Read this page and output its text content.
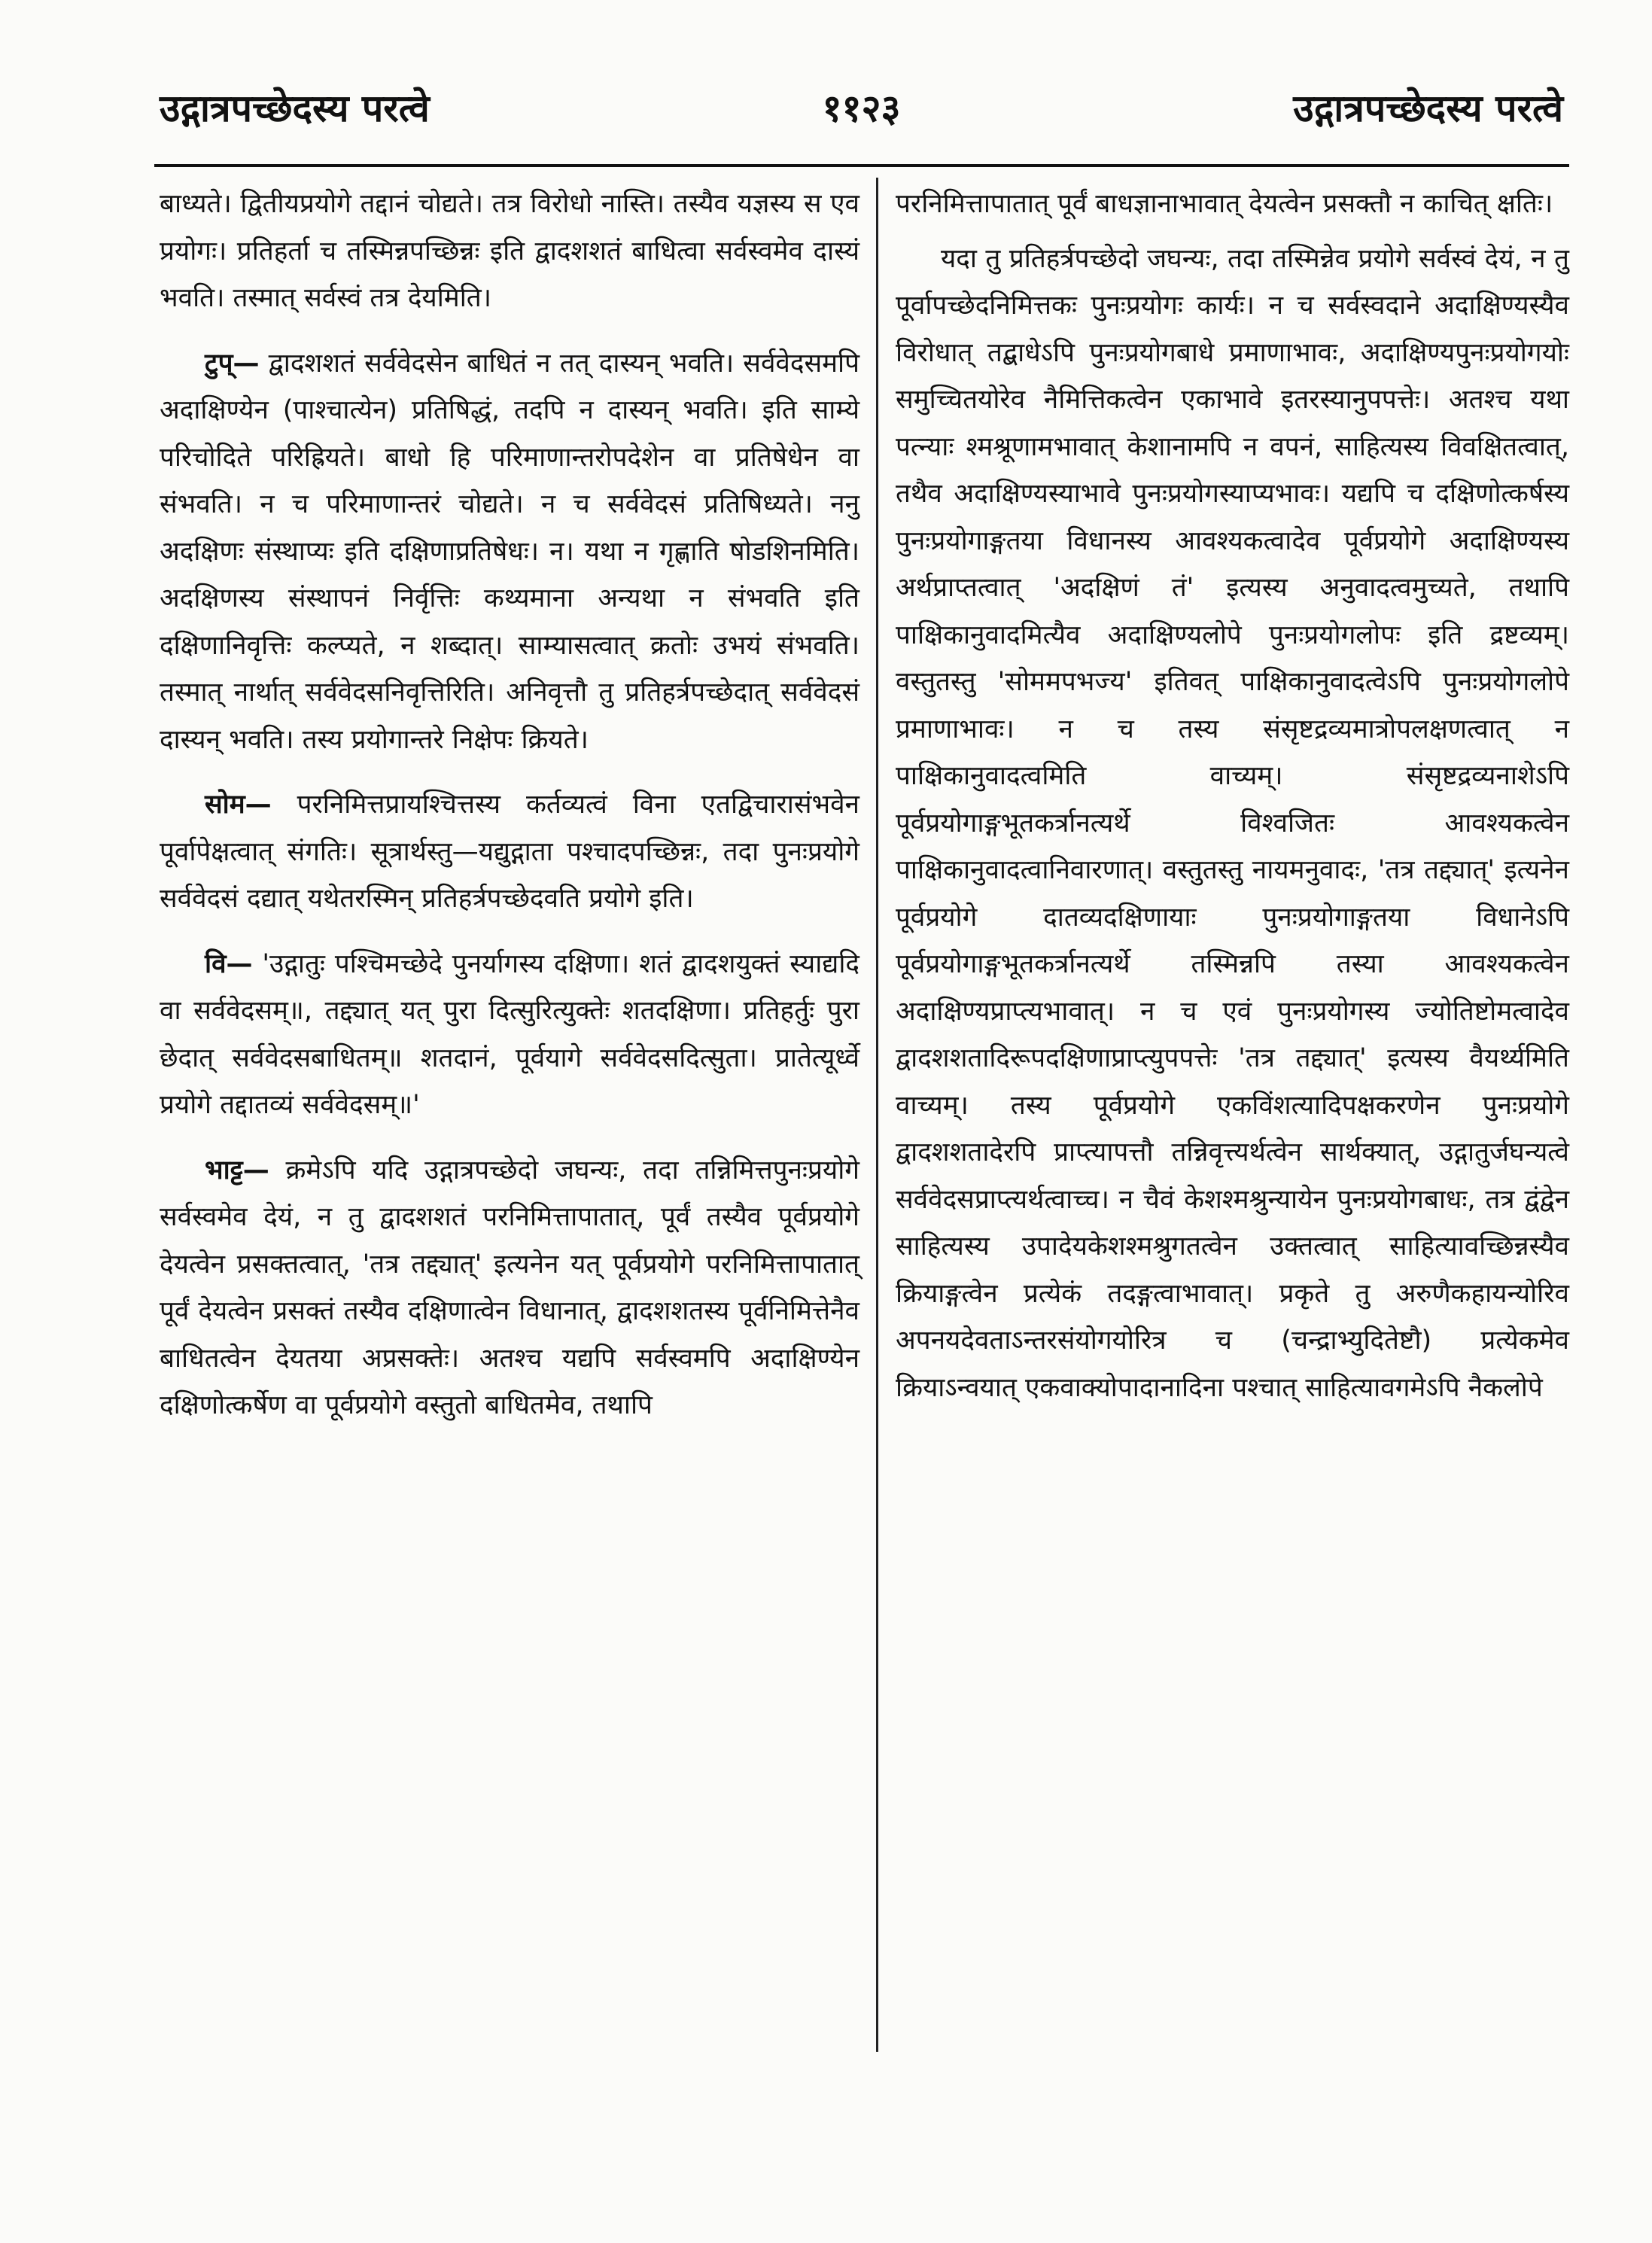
उद्गात्रपच्छेदस्य परत्वे	११२३	उद्गात्रपच्छेदस्य परत्वे

बाध्यते। द्वितीयप्रयोगे तद्दानं चोद्यते। तत्र विरोधो नास्ति। तस्यैव यज्ञस्य स एव प्रयोगः। प्रतिहर्ता च तस्मिन्नपच्छिन्नः इति द्वादशशतं बाधित्वा सर्वस्वमेव दास्यं भवति। तस्मात् सर्वस्वं तत्र देयमिति।

टुप्— द्वादशशतं सर्ववेदसेन बाधितं न तत् दास्यन् भवति। सर्ववेदसमपि अदाक्षिण्येन (पाश्चात्येन) प्रतिषिद्धं, तदपि न दास्यन् भवति। इति साम्ये परिचोदिते परिह्रियते। बाधो हि परिमाणान्तरोपदेशेन वा प्रतिषेधेन वा संभवति। न च परिमाणान्तरं चोद्यते। न च सर्ववेदसं प्रतिषिध्यते। ननु अदक्षिणः संस्थाप्यः इति दक्षिणाप्रतिषेधः। न। यथा न गृह्णाति षोडशिनमिति। अदक्षिणस्य संस्थापनं निर्वृत्तिः कथ्यमाना अन्यथा न संभवति इति दक्षिणानिवृत्तिः कल्प्यते, न शब्दात्। साम्यासत्वात् क्रतोः उभयं संभवति। तस्मात् नार्थात् सर्ववेदसनिवृत्तिरिति। अनिवृत्तौ तु प्रतिहर्त्रपच्छेदात् सर्ववेदसं दास्यन् भवति। तस्य प्रयोगान्तरे निक्षेपः क्रियते।

सोम— परनिमित्तप्रायश्चित्तस्य कर्तव्यत्वं विना एतद्विचारासंभवेन पूर्वापेक्षत्वात् संगतिः। सूत्रार्थस्तु—यद्युद्गाता पश्चादपच्छिन्नः, तदा पुनःप्रयोगे सर्ववेदसं दद्यात् यथेतरस्मिन् प्रतिहर्त्रपच्छेदवति प्रयोगे इति।

वि— 'उद्गातुः पश्चिमच्छेदे पुनर्यागस्य दक्षिणा। शतं द्वादशयुक्तं स्याद्यदि वा सर्ववेदसम्॥, तद्द्यात् यत् पुरा दित्सुरित्युक्तेः शतदक्षिणा। प्रतिहर्तुः पुरा छेदात् सर्ववेदसबाधितम्॥ शतदानं, पूर्वयागे सर्ववेदसदित्सुता। प्रातेत्यूर्ध्वे प्रयोगे तद्दातव्यं सर्ववेदसम्॥'

भाट्ट— क्रमेऽपि यदि उद्गात्रपच्छेदो जघन्यः, तदा तन्निमित्तपुनःप्रयोगे सर्वस्वमेव देयं, न तु द्वादशशतं परनिमित्तापातात्, पूर्वं तस्यैव पूर्वप्रयोगे देयत्वेन प्रसक्तत्वात्, 'तत्र तद्द्यात्' इत्यनेन यत् पूर्वप्रयोगे परनिमित्तापातात् पूर्वं देयत्वेन प्रसक्तं तस्यैव दक्षिणात्वेन विधानात्, द्वादशशतस्य पूर्वनिमित्तेनैव बाधितत्वेन देयतया अप्रसक्तेः। अतश्च यद्यपि सर्वस्वमपि अदाक्षिण्येन दक्षिणोत्कर्षेण वा पूर्वप्रयोगे वस्तुतो बाधितमेव, तथापि

परनिमित्तापातात् पूर्वं बाधज्ञानाभावात् देयत्वेन प्रसक्तौ न काचित् क्षतिः।

यदा तु प्रतिहर्त्रपच्छेदो जघन्यः, तदा तस्मिन्नेव प्रयोगे सर्वस्वं देयं, न तु पूर्वापच्छेदनिमित्तकः पुनःप्रयोगः कार्यः। न च सर्वस्वदाने अदाक्षिण्यस्यैव विरोधात् तद्बाधेऽपि पुनःप्रयोगबाधे प्रमाणाभावः, अदाक्षिण्यपुनःप्रयोगयोः समुच्चितयोरेव नैमित्तिकत्वेन एकाभावे इतरस्यानुपपत्तेः। अतश्च यथा पत्न्याः श्मश्रूणामभावात् केशानामपि न वपनं, साहित्यस्य विवक्षितत्वात्, तथैव अदाक्षिण्यस्याभावे पुनःप्रयोगस्याप्यभावः। यद्यपि च दक्षिणोत्कर्षस्य पुनःप्रयोगाङ्गतया विधानस्य आवश्यकत्वादेव पूर्वप्रयोगे अदाक्षिण्यस्य अर्थप्राप्तत्वात् 'अदक्षिणं तं' इत्यस्य अनुवादत्वमुच्यते, तथापि पाक्षिकानुवादमित्यैव अदाक्षिण्यलोपे पुनःप्रयोगलोपः इति द्रष्टव्यम्। वस्तुतस्तु 'सोममपभज्य' इतिवत् पाक्षिकानुवादत्वेऽपि पुनःप्रयोगलोपे प्रमाणाभावः। न च तस्य संसृष्टद्रव्यमात्रोपलक्षणत्वात् न पाक्षिकानुवादत्वमिति वाच्यम्। संसृष्टद्रव्यनाशेऽपि पूर्वप्रयोगाङ्गभूतकर्त्रानत्यर्थे विश्वजितः आवश्यकत्वेन पाक्षिकानुवादत्वानिवारणात्। वस्तुतस्तु नायमनुवादः, 'तत्र तद्द्यात्' इत्यनेन पूर्वप्रयोगे दातव्यदक्षिणायाः पुनःप्रयोगाङ्गतया विधानेऽपि पूर्वप्रयोगाङ्गभूतकर्त्रानत्यर्थे तस्मिन्नपि तस्या आवश्यकत्वेन अदाक्षिण्यप्राप्त्यभावात्। न च एवं पुनःप्रयोगस्य ज्योतिष्टोमत्वादेव द्वादशशतादिरूपदक्षिणाप्राप्त्युपपत्तेः 'तत्र तद्द्यात्' इत्यस्य वैयर्थ्यमिति वाच्यम्। तस्य पूर्वप्रयोगे एकविंशत्यादिपक्षकरणेन पुनःप्रयोगे द्वादशशतादेरपि प्राप्त्यापत्तौ तन्निवृत्त्यर्थत्वेन सार्थक्यात्, उद्गातुर्जघन्यत्वे सर्ववेदसप्राप्त्यर्थत्वाच्च। न चैवं केशश्मश्रुन्यायेन पुनःप्रयोगबाधः, तत्र द्वंद्वेन साहित्यस्य उपादेयकेशश्मश्रुगतत्वेन उक्तत्वात् साहित्यावच्छिन्नस्यैव क्रियाङ्गत्वेन प्रत्येकं तदङ्गत्वाभावात्। प्रकृते तु अरुणैकहायन्योरिव अपनयदेवताऽन्तरसंयोगयोरित्र च (चन्द्राभ्युदितेष्टौ) प्रत्येकमेव क्रियाऽन्वयात् एकवाक्योपादानादिना पश्चात् साहित्यावगमेऽपि नैकलोपे
